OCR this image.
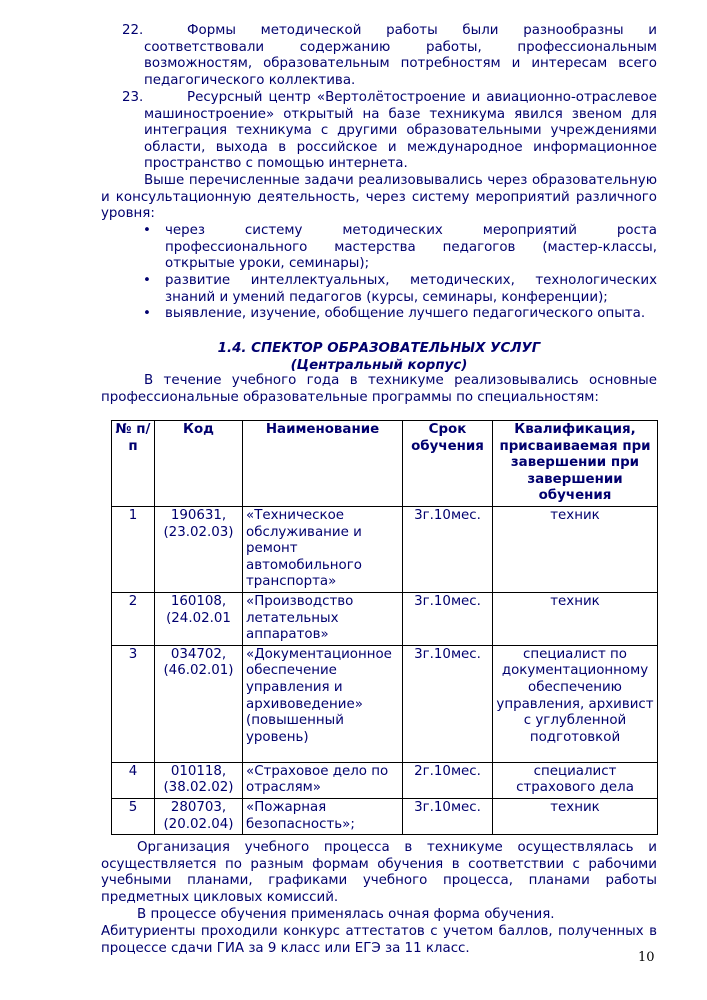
22.	Формы методической работы были разнообразны и

соответствовали содержанию работы, профессиональным возможностям, образовательным потребностям и интересам всего педагогического коллектива.

23.	Ресурсный центр «Вертолётостроение и авиационно-отраслевое

машиностроение» открытый на базе техникума явился звеном для интеграция техникума с другими образовательными учреждениями области, выхода в российское и международное информационное пространство с помощью интернета.

Выше перечисленные задачи реализовывались через образовательную и консультационную деятельность, через систему мероприятий различного уровня:

• через систему методических мероприятий роста профессионального мастерства педагогов (мастер-классы, открытые уроки, семинары);

• развитие интеллектуальных, методических, технологических знаний и умений педагогов (курсы, семинары, конференции);

• выявление, изучение, обобщение лучшего педагогического опыта.

1.4. СПЕКТОР ОБРАЗОВАТЕЛЬНЫХ УСЛУГ
(Центральный корпус)

В течение учебного года в техникуме реализовывались основные профессиональные образовательные программы по специальностям:

№ п/п	Код	Наименование	Срок обучения	Квалификация, присваиваемая при завершении при завершении обучения
1	190631, (23.02.03)	«Техническое обслуживание и ремонт автомобильного транспорта»	3г.10мес.	техник
2	160108, (24.02.01	«Производство летательных аппаратов»	3г.10мес.	техник
3	034702, (46.02.01)	«Документационное обеспечение управления и архивоведение» (повышенный уровень)	3г.10мес.	специалист по документационному обеспечению управления, архивист с углубленной подготовкой
4	010118, (38.02.02)	«Страховое дело по отраслям»	2г.10мес.	специалист страхового дела
5	280703, (20.02.04)	«Пожарная безопасность»;	3г.10мес.	техник

Организация учебного процесса в техникуме осуществлялась и осуществляется по разным формам обучения в соответствии с рабочими учебными планами, графиками учебного процесса, планами работы предметных цикловых комиссий.

В процессе обучения применялась очная форма обучения.

Абитуриенты проходили конкурс аттестатов с учетом баллов, полученных в процессе сдачи ГИА за 9 класс или ЕГЭ за 11 класс.

10
